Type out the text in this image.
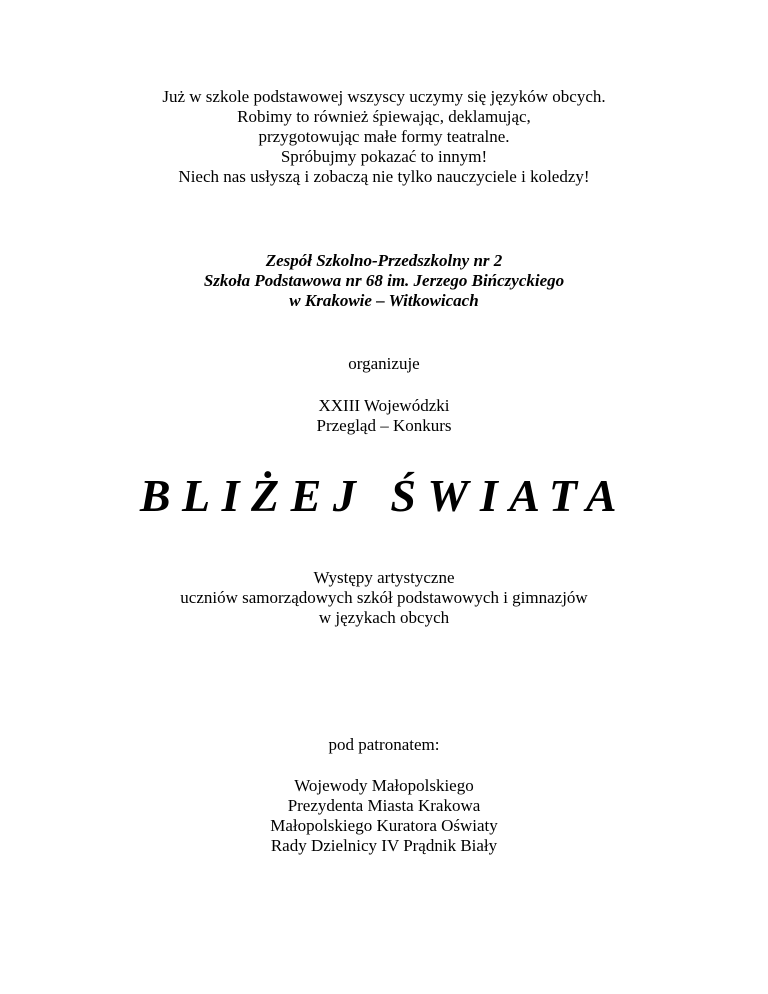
Już w szkole podstawowej wszyscy uczymy się języków obcych.
Robimy to również śpiewając, deklamując,
przygotowując małe formy teatralne.
Spróbujmy pokazać to innym!
Niech nas usłyszą i zobaczą nie tylko nauczyciele i koledzy!
Zespół Szkolno-Przedszkolny nr 2
Szkoła Podstawowa nr 68 im. Jerzego Bińczyckiego
w Krakowie – Witkowicach
organizuje
XXIII Wojewódzki
Przegląd – Konkurs
BLIŻEJ ŚWIATA
Występy artystyczne
uczniów samorządowych szkół podstawowych i gimnazjów
w językach obcych
pod patronatem:
Wojewody Małopolskiego
Prezydenta Miasta Krakowa
Małopolskiego Kuratora Oświaty
Rady Dzielnicy IV Prądnik Biały
